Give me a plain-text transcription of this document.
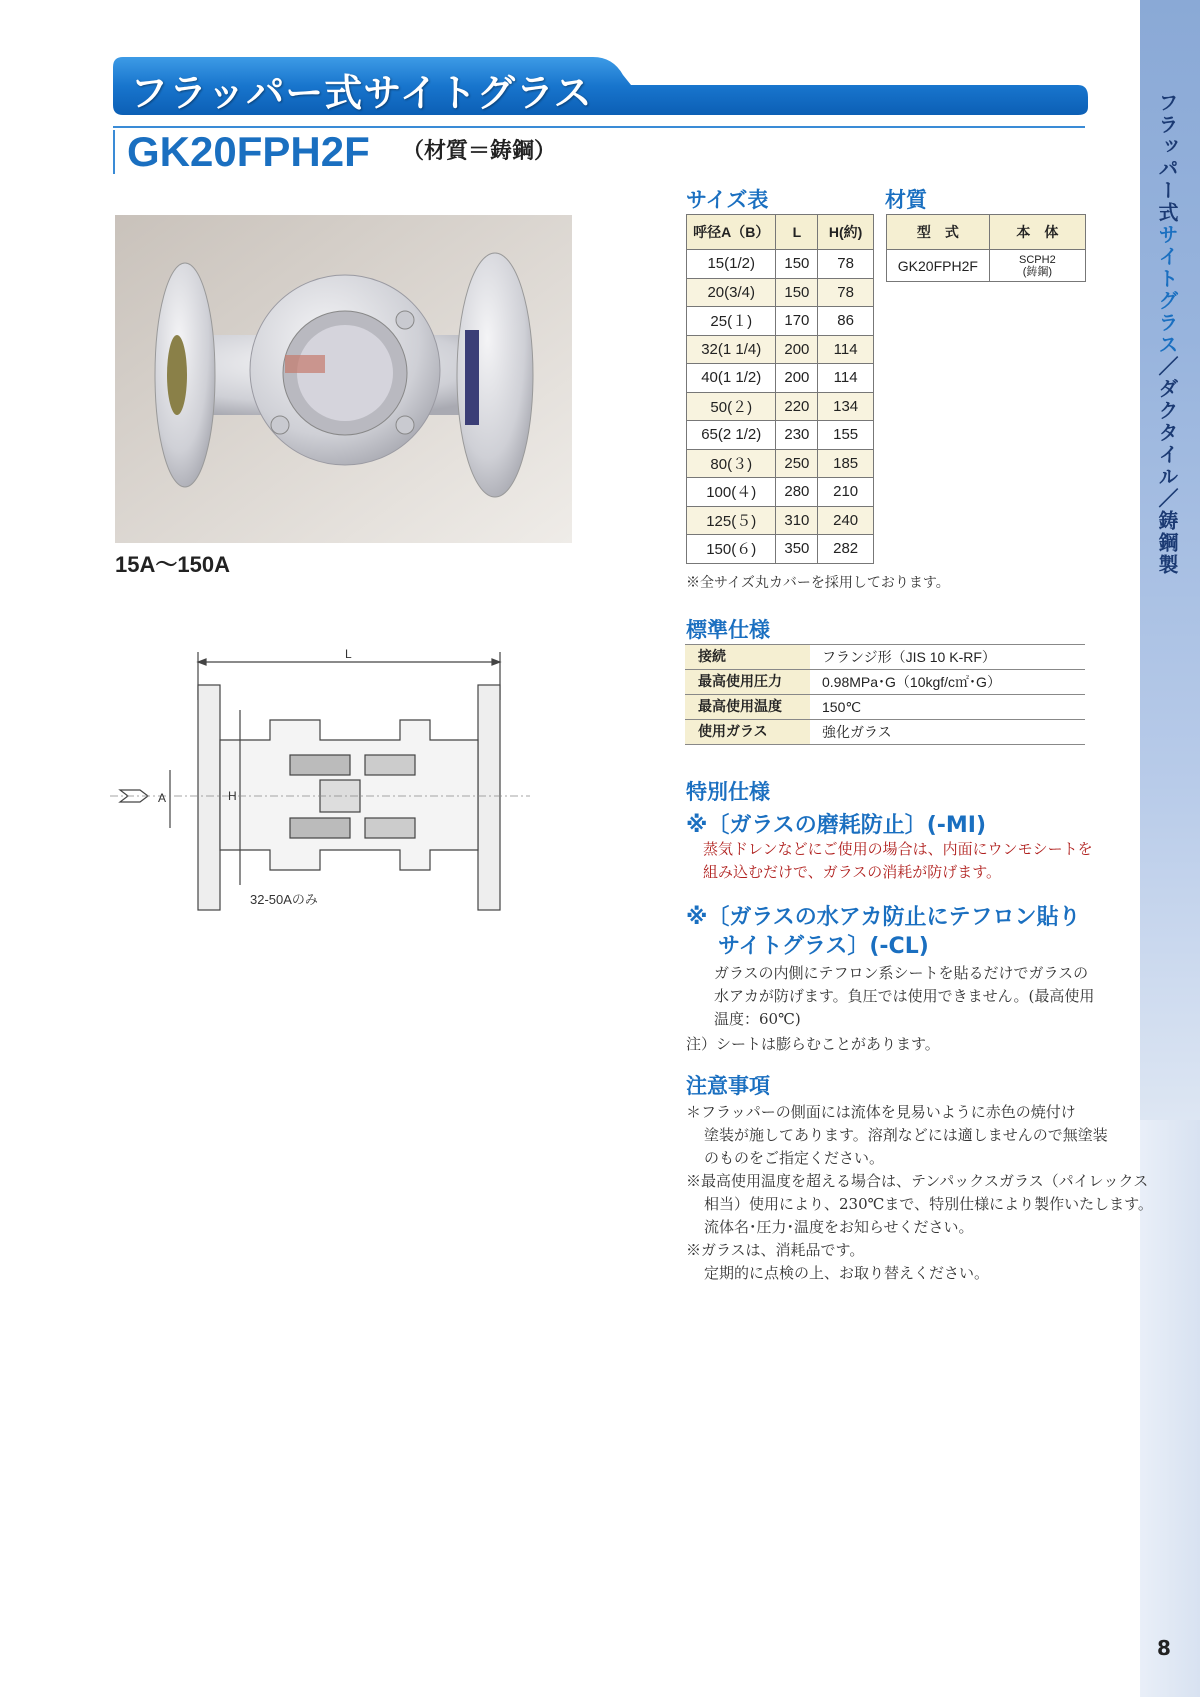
フラッパー式サイトグラス／ダクタイル／鋳鋼製
フラッパー式サイトグラス
GK20FPH2F （材質＝鋳鋼）
15A〜150A
L
H
A
32-50Aのみ
サイズ表
呼径A（B）	L	H(約)
15(1/2)	150	78
20(3/4)	150	78
25(１)	170	86
32(1 1/4)	200	114
40(1 1/2)	200	114
50(２)	220	134
65(2 1/2)	230	155
80(３)	250	185
100(４)	280	210
125(５)	310	240
150(６)	350	282
※全サイズ丸カバーを採用しております。
材質
型　式	本　体
GK20FPH2F	SCPH2
(鋳鋼)
標準仕様
接続	フランジ形（JIS 10 K-RF）
最高使用圧力	0.98MPa･G（10kgf/c㎡･G）
最高使用温度	150℃
使用ガラス	強化ガラス
特別仕様
※〔ガラスの磨耗防止〕(-MI)
蒸気ドレンなどにご使用の場合は、内面にウンモシートを
組み込むだけで、ガラスの消耗が防げます。
※〔ガラスの水アカ防止にテフロン貼り
サイトグラス〕(-CL)
ガラスの内側にテフロン系シートを貼るだけでガラスの
水アカが防げます。負圧では使用できません。(最高使用
温度：60℃)
注）シートは膨らむことがあります。
注意事項
＊フラッパーの側面には流体を見易いように赤色の焼付け
塗装が施してあります。溶剤などには適しませんので無塗装
のものをご指定ください。
※最高使用温度を超える場合は、テンパックスガラス（パイレックス
相当）使用により、230℃まで、特別仕様により製作いたします。
流体名･圧力･温度をお知らせください。
※ガラスは、消耗品です。
定期的に点検の上、お取り替えください。
8
